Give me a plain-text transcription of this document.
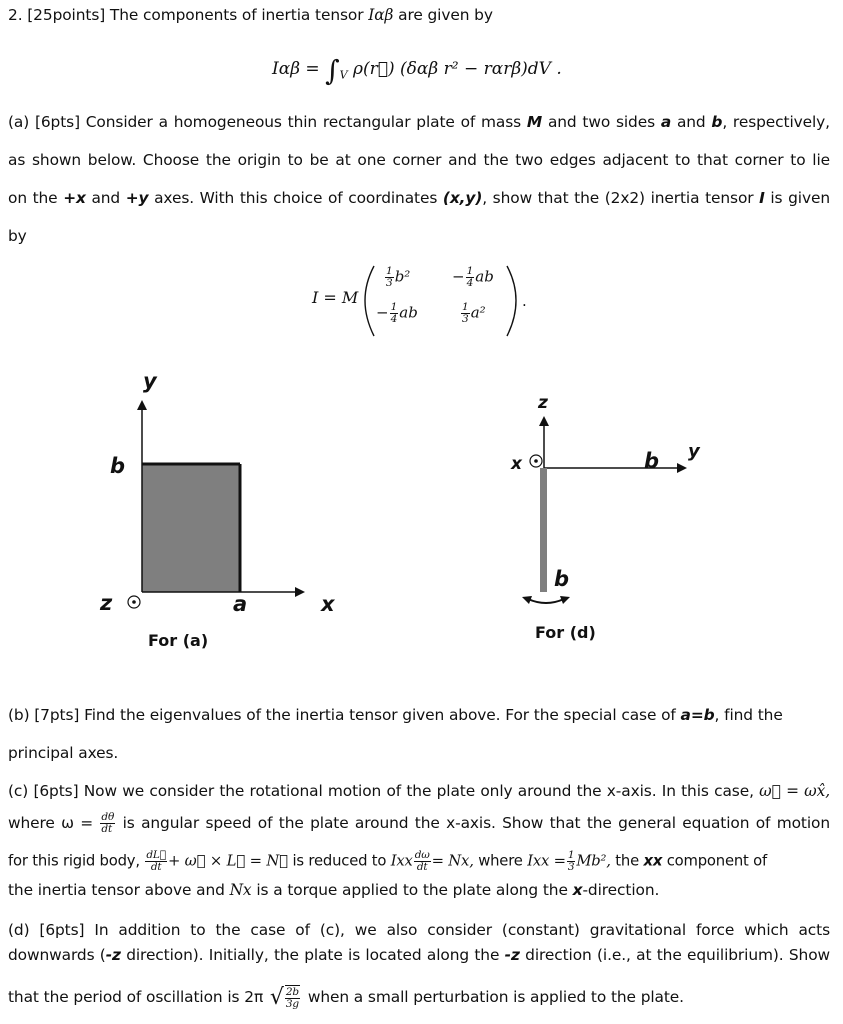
2. [25points] The components of inertia tensor Iαβ are given by
$I\alpha\beta = \int_V$ ρ(r⃗) (δαβ r² − rαrβ)dV .
(a) [6pts] Consider a homogeneous thin rectangular plate of mass M and two sides a and b, respectively,
as shown below. Choose the origin to be at one corner and the two edges adjacent to that corner to lie
on the +x and +y axes. With this choice of coordinates (x,y), show that the (2x2) inertia tensor I is given
by
I = M
$\frac{1}{3} b^2$	− $\frac{1}{4}$ ab
− $\frac{1}{4}$ ab	$\frac{1}{3} a^2$
.
y
b
z	a	x
For (a)
z
x	b y
b
For (d)
(b) [7pts] Find the eigenvalues of the inertia tensor given above. For the special case of a=b, find the
principal axes.
(c) [6pts] Now we consider the rotational motion of the plate only around the x-axis. In this case, ω⃗ = ωx̂,
where $\omega = \frac{d\theta}{dt}$ is angular speed of the plate around the x-axis. Show that the general equation of motion
for this rigid body, $\frac{dL⃗}{dt}$ + ω⃗ × L⃗ = N⃗ is reduced to Ixx $\frac{d\omega}{dt} = Nx$, where Ixx = $\frac{1}{3} Mb^2$, the xx component of
the inertia tensor above and Nx is a torque applied to the plate along the x-direction.
(d) [6pts] In addition to the case of (c), we also consider (constant) gravitational force which acts
downwards (-z direction). Initially, the plate is located along the -z direction (i.e., at the equilibrium). Show
that the period of oscillation is 2π √ $\frac{2b}{3g}$ when a small perturbation is applied to the plate.
